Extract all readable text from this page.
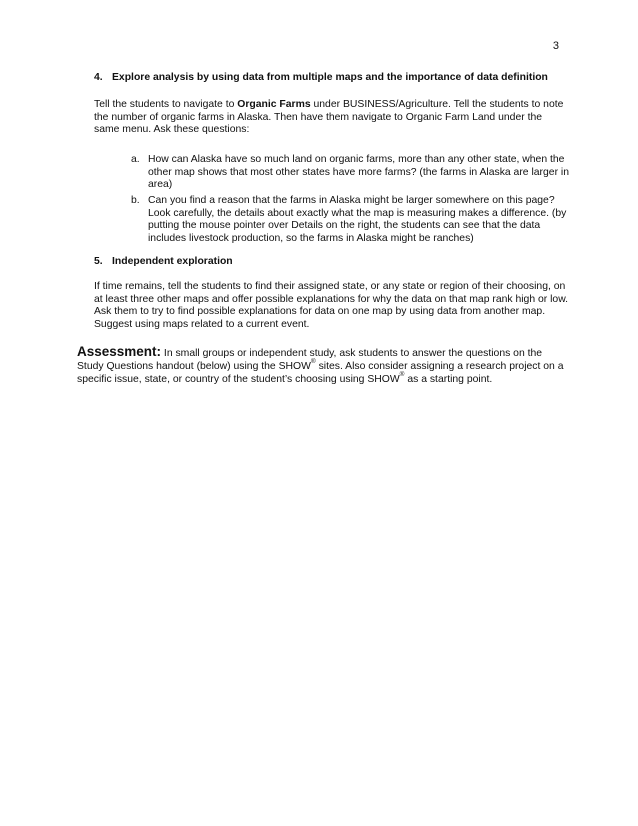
3
4. Explore analysis by using data from multiple maps and the importance of data definition

Tell the students to navigate to Organic Farms under BUSINESS/Agriculture. Tell the students to note the number of organic farms in Alaska. Then have them navigate to Organic Farm Land under the same menu. Ask these questions:

a. How can Alaska have so much land on organic farms, more than any other state, when the other map shows that most other states have more farms? (the farms in Alaska are larger in area)
b. Can you find a reason that the farms in Alaska might be larger somewhere on this page? Look carefully, the details about exactly what the map is measuring makes a difference. (by putting the mouse pointer over Details on the right, the students can see that the data includes livestock production, so the farms in Alaska might be ranches)
5. Independent exploration

If time remains, tell the students to find their assigned state, or any state or region of their choosing, on at least three other maps and offer possible explanations for why the data on that map rank high or low. Ask them to try to find possible explanations for data on one map by using data from another map. Suggest using maps related to a current event.

Assessment: In small groups or independent study, ask students to answer the questions on the Study Questions handout (below) using the SHOW® sites. Also consider assigning a research project on a specific issue, state, or country of the student’s choosing using SHOW® as a starting point.
